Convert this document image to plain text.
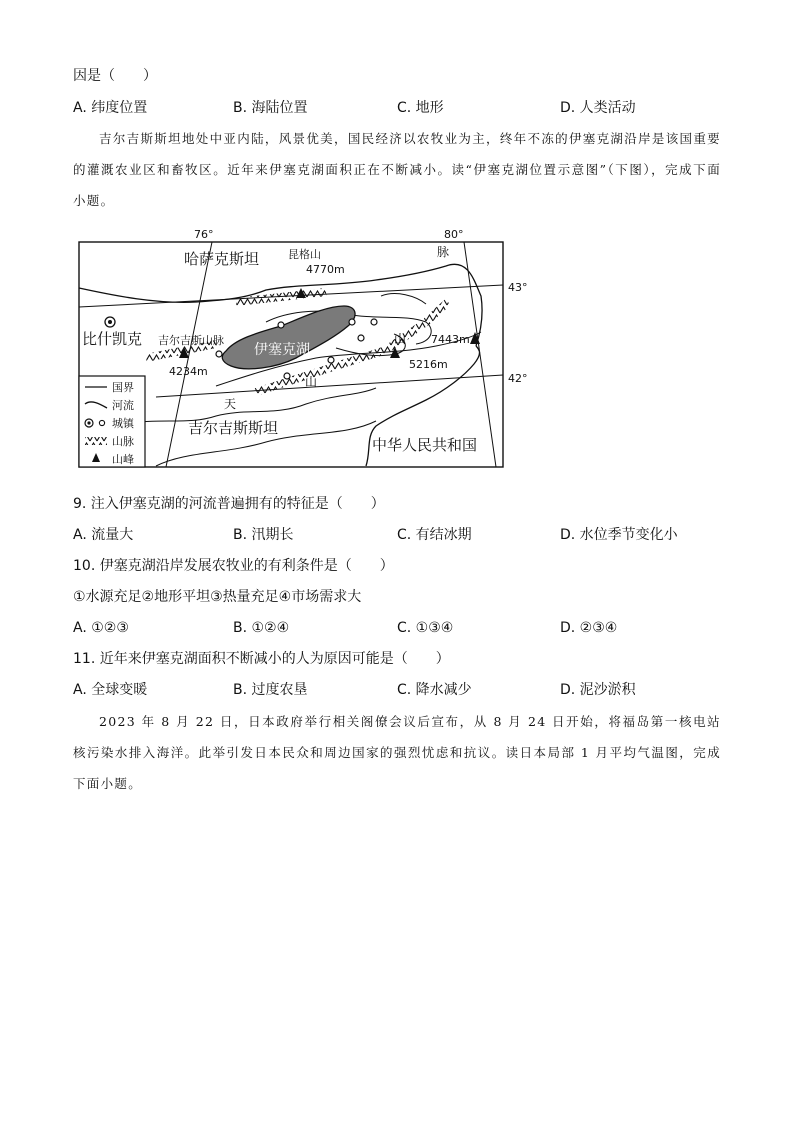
因是（　　）
A. 纬度位置	B. 海陆位置	C. 地形	D. 人类活动
吉尔吉斯斯坦地处中亚内陆，风景优美，国民经济以农牧业为主，终年不冻的伊塞克湖沿岸是该国重要的灌溉农业区和畜牧区。近年来伊塞克湖面积正在不断减小。读“伊塞克湖位置示意图”（下图），完成下面小题。
76°	80°
伊塞克湖
哈萨克斯坦
比什凯克
吉尔吉斯斯坦
中华人民共和国
吉尔吉斯山脉
昆格山
4770m
4234m
7443m
5216m
天
山
山
脉
国界
河流
城镇
山脉
山峰
43°
42°
9. 注入伊塞克湖的河流普遍拥有的特征是（　　）
A. 流量大	B. 汛期长	C. 有结冰期	D. 水位季节变化小
10. 伊塞克湖沿岸发展农牧业的有利条件是（　　）
①水源充足②地形平坦③热量充足④市场需求大
A. ①②③	B. ①②④	C. ①③④	D. ②③④
11. 近年来伊塞克湖面积不断减小的人为原因可能是（　　）
A. 全球变暖	B. 过度农垦	C. 降水减少	D. 泥沙淤积
2023 年 8 月 22 日，日本政府举行相关阁僚会议后宣布，从 8 月 24 日开始，将福岛第一核电站核污染水排入海洋。此举引发日本民众和周边国家的强烈忧虑和抗议。读日本局部 1 月平均气温图，完成下面小题。
